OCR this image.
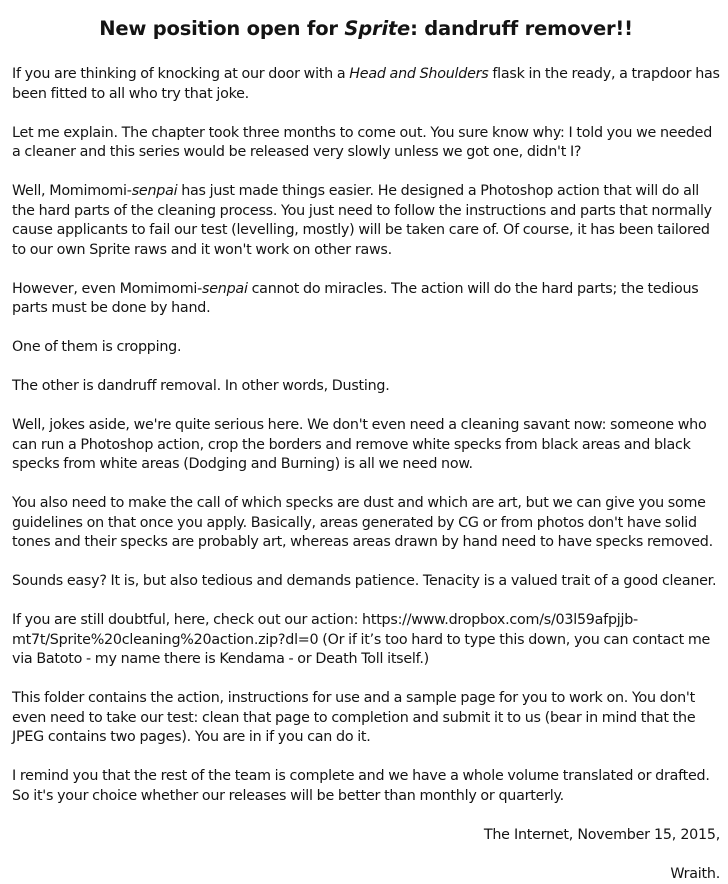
New position open for Sprite: dandruff remover!!

If you are thinking of knocking at our door with a Head and Shoulders flask in the ready, a trapdoor has been fitted to all who try that joke.

Let me explain. The chapter took three months to come out. You sure know why: I told you we needed a cleaner and this series would be released very slowly unless we got one, didn't I?

Well, Momimomi-senpai has just made things easier. He designed a Photoshop action that will do all the hard parts of the cleaning process. You just need to follow the instructions and parts that normally cause applicants to fail our test (levelling, mostly) will be taken care of. Of course, it has been tailored to our own Sprite raws and it won't work on other raws.

However, even Momimomi-senpai cannot do miracles. The action will do the hard parts; the tedious parts must be done by hand.

One of them is cropping.

The other is dandruff removal. In other words, Dusting.

Well, jokes aside, we're quite serious here. We don't even need a cleaning savant now: someone who can run a Photoshop action, crop the borders and remove white specks from black areas and black specks from white areas (Dodging and Burning) is all we need now.

You also need to make the call of which specks are dust and which are art, but we can give you some guidelines on that once you apply. Basically, areas generated by CG or from photos don't have solid tones and their specks are probably art, whereas areas drawn by hand need to have specks removed.

Sounds easy? It is, but also tedious and demands patience. Tenacity is a valued trait of a good cleaner.

If you are still doubtful, here, check out our action: https://www.dropbox.com/s/03l59afpjjb-mt7t/Sprite%20cleaning%20action.zip?dl=0 (Or if it’s too hard to type this down, you can contact me via Batoto - my name there is Kendama - or Death Toll itself.)

This folder contains the action, instructions for use and a sample page for you to work on. You don't even need to take our test: clean that page to completion and submit it to us (bear in mind that the JPEG contains two pages). You are in if you can do it.

I remind you that the rest of the team is complete and we have a whole volume translated or drafted. So it's your choice whether our releases will be better than monthly or quarterly.

The Internet, November 15, 2015,

Wraith.
